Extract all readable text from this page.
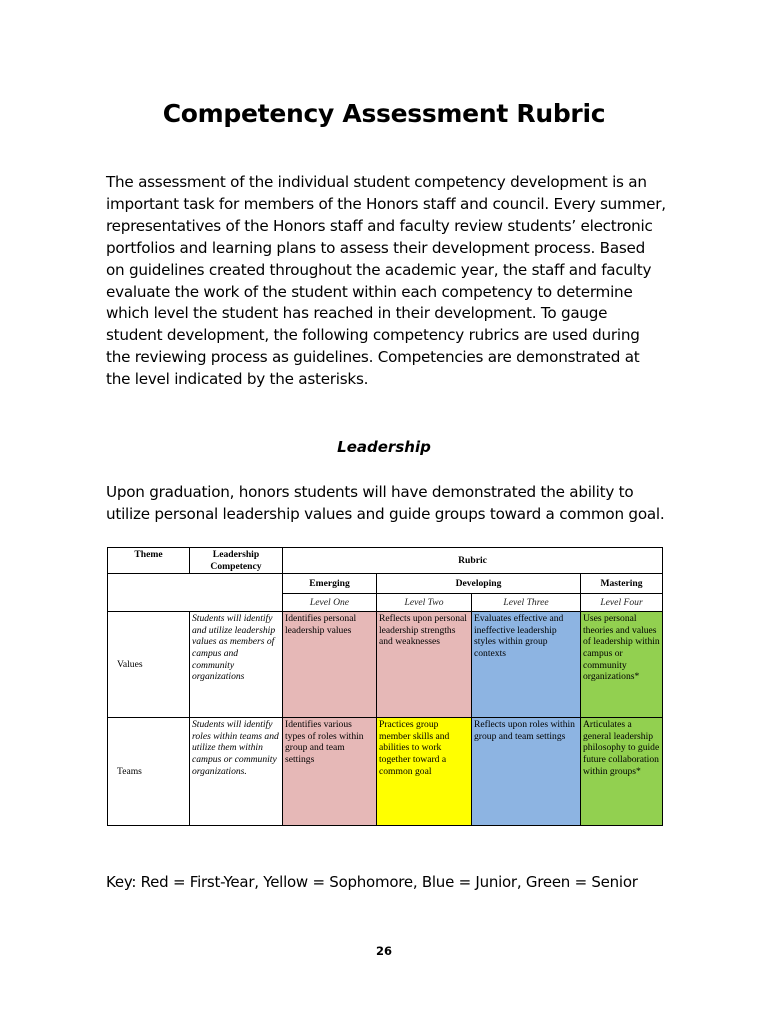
Competency Assessment Rubric

The assessment of the individual student competency development is an important task for members of the Honors staff and council. Every summer, representatives of the Honors staff and faculty review students’ electronic portfolios and learning plans to assess their development process. Based on guidelines created throughout the academic year, the staff and faculty evaluate the work of the student within each competency to determine which level the student has reached in their development. To gauge student development, the following competency rubrics are used during the reviewing process as guidelines. Competencies are demonstrated at the level indicated by the asterisks.

Leadership

Upon graduation, honors students will have demonstrated the ability to utilize personal leadership values and guide groups toward a common goal.

Theme	Leadership Competency	Rubric			
		Emerging	Developing		Mastering
		Level One	Level Two	Level Three	Level Four
Values	Students will identify and utilize leadership values as members of campus and community organizations	Identifies personal leadership values	Reflects upon personal leadership strengths and weaknesses	Evaluates effective and ineffective leadership styles within group contexts	Uses personal theories and values of leadership within campus or community organizations*
Teams	Students will identify roles within teams and utilize them within campus or community organizations.	Identifies various types of roles within group and team settings	Practices group member skills and abilities to work together toward a common goal	Reflects upon roles within group and team settings	Articulates a general leadership philosophy to guide future collaboration within groups*
Key: Red = First-Year, Yellow = Sophomore, Blue = Junior, Green = Senior
26
